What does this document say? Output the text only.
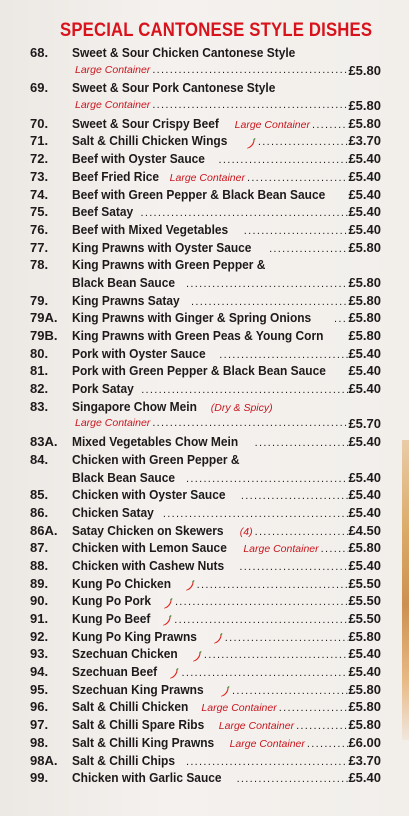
SPECIAL CANTONESE STYLE DISHES
68. Sweet & Sour Chicken Cantonese Style
Large Container .....	£5.80
69. Sweet & Sour Pork Cantonese Style
Large Container .....	£5.80
70. Sweet & Sour Crispy Beef Large Container .....	£5.80
71. Salt & Chilli Chicken Wings .....	£3.70
72. Beef with Oyster Sauce .....	£5.40
73. Beef Fried Rice Large Container .....	£5.40
74. Beef with Green Pepper & Black Bean Sauce £5.40
75. Beef Satay .....	£5.40
76. Beef with Mixed Vegetables .....	£5.40
77. King Prawns with Oyster Sauce .....	£5.80
78. King Prawns with Green Pepper &
Black Bean Sauce .....	£5.80
79. King Prawns Satay .....	£5.80
79A. King Prawns with Ginger & Spring Onions .....	£5.80
79B. King Prawns with Green Peas & Young Corn ..... £5.80
80. Pork with Oyster Sauce .....	£5.40
81. Pork with Green Pepper & Black Bean Sauce £5.40
82. Pork Satay .....	£5.40
83. Singapore Chow Mein (Dry & Spicy)
Large Container .....	£5.70
83A. Mixed Vegetables Chow Mein .....	£5.40
84. Chicken with Green Pepper &
Black Bean Sauce .....	£5.40
85. Chicken with Oyster Sauce .....	£5.40
86. Chicken Satay .....	£5.40
86A. Satay Chicken on Skewers (4) .....	£4.50
87. Chicken with Lemon Sauce Large Container ..... £5.80
88. Chicken with Cashew Nuts .....	£5.40
89. Kung Po Chicken .....	£5.50
90. Kung Po Pork .....	£5.50
91. Kung Po Beef .....	£5.50
92. Kung Po King Prawns .....	£5.80
93. Szechuan Chicken .....	£5.40
94. Szechuan Beef .....	£5.40
95. Szechuan King Prawns .....	£5.80
96. Salt & Chilli Chicken Large Container .....	£5.80
97. Salt & Chilli Spare Ribs Large Container .....	£5.80
98. Salt & Chilli King Prawns Large Container .....	£6.00
98A. Salt & Chilli Chips .....	£3.70
99. Chicken with Garlic Sauce .....	£5.40
